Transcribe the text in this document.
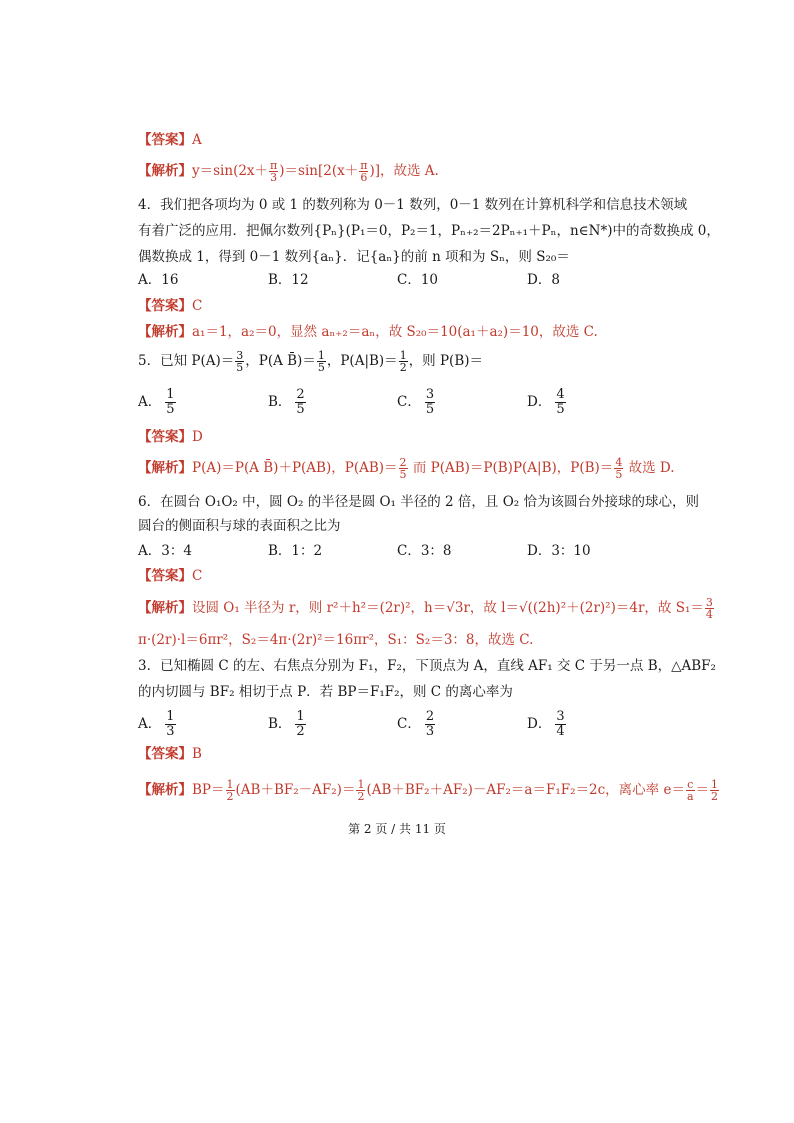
【答案】A
【解析】$y=\sin(2x+ \frac{\pi}{3} )=\sin[2(x+ \frac{\pi}{6}$ )]，故选 A.
4．我们把各项均为 0 或 1 的数列称为 0－1 数列，0－1 数列在计算机科学和信息技术领域
有着广泛的应用．把佩尔数列{Pₙ}(P₁＝0，P₂＝1，Pₙ₊₂＝2Pₙ₊₁＋Pₙ，n∈N*)中的奇数换成 0，
偶数换成 1，得到 0－1 数列{aₙ}．记{aₙ}的前 n 项和为 Sₙ，则 S₂₀＝
A．16	B．12	C．10	D．8
【答案】C
【解析】a₁＝1，a₂＝0，显然 aₙ₊₂＝aₙ，故 S₂₀＝10(a₁＋a₂)＝10，故选 C.
5．已知 $P(A)= \frac{3}{5}$ ，P(A B̄)＝ $\frac{1}{5}$ ，$P(A|B)= \frac{1}{2}$ ，则 P(B)＝
A． $\frac{1}{5}$	B． $\frac{2}{5}$	C． $\frac{3}{5}$	D． $\frac{4}{5}$
【答案】D
【解析】P(A)＝P(A B̄)＋P(AB)，$P(AB)= \frac{2}{5}$ 而 P(AB)＝P(B)P(A|B)，$P(B)= \frac{4}{5}$ 故选 D.
6．在圆台 O₁O₂ 中，圆 O₂ 的半径是圆 O₁ 半径的 2 倍，且 O₂ 恰为该圆台外接球的球心，则
圆台的侧面积与球的表面积之比为
A．3：4	B．1：2	C．3：8	D．3：10
【答案】C
【解析】设圆 O₁ 半径为 r，则 r²＋h²＝(2r)²，h＝√3r，故 l＝√((2h)²＋(2r)²)＝4r，故 $S_1= \frac{3}{4}$
π·(2r)·l＝6πr²，S₂＝4π·(2r)²＝16πr²，S₁：S₂＝3：8，故选 C.
3．已知椭圆 C 的左、右焦点分别为 F₁，F₂，下顶点为 A，直线 AF₁ 交 C 于另一点 B，△ABF₂
的内切圆与 BF₂ 相切于点 P．若 BP＝F₁F₂，则 C 的离心率为
A． $\frac{1}{3}$	B． $\frac{1}{2}$	C． $\frac{2}{3}$	D． $\frac{3}{4}$
【答案】B
【解析】$BP= \frac{1}{2} (AB+BF_2-AF_2)= \frac{1}{2} (AB+BF_2+AF_2)-AF_2=a=F_1F_2=2c$，离心率 $e= \frac{c}{a} = \frac{1}{2}$
第 2 页 / 共 11 页
